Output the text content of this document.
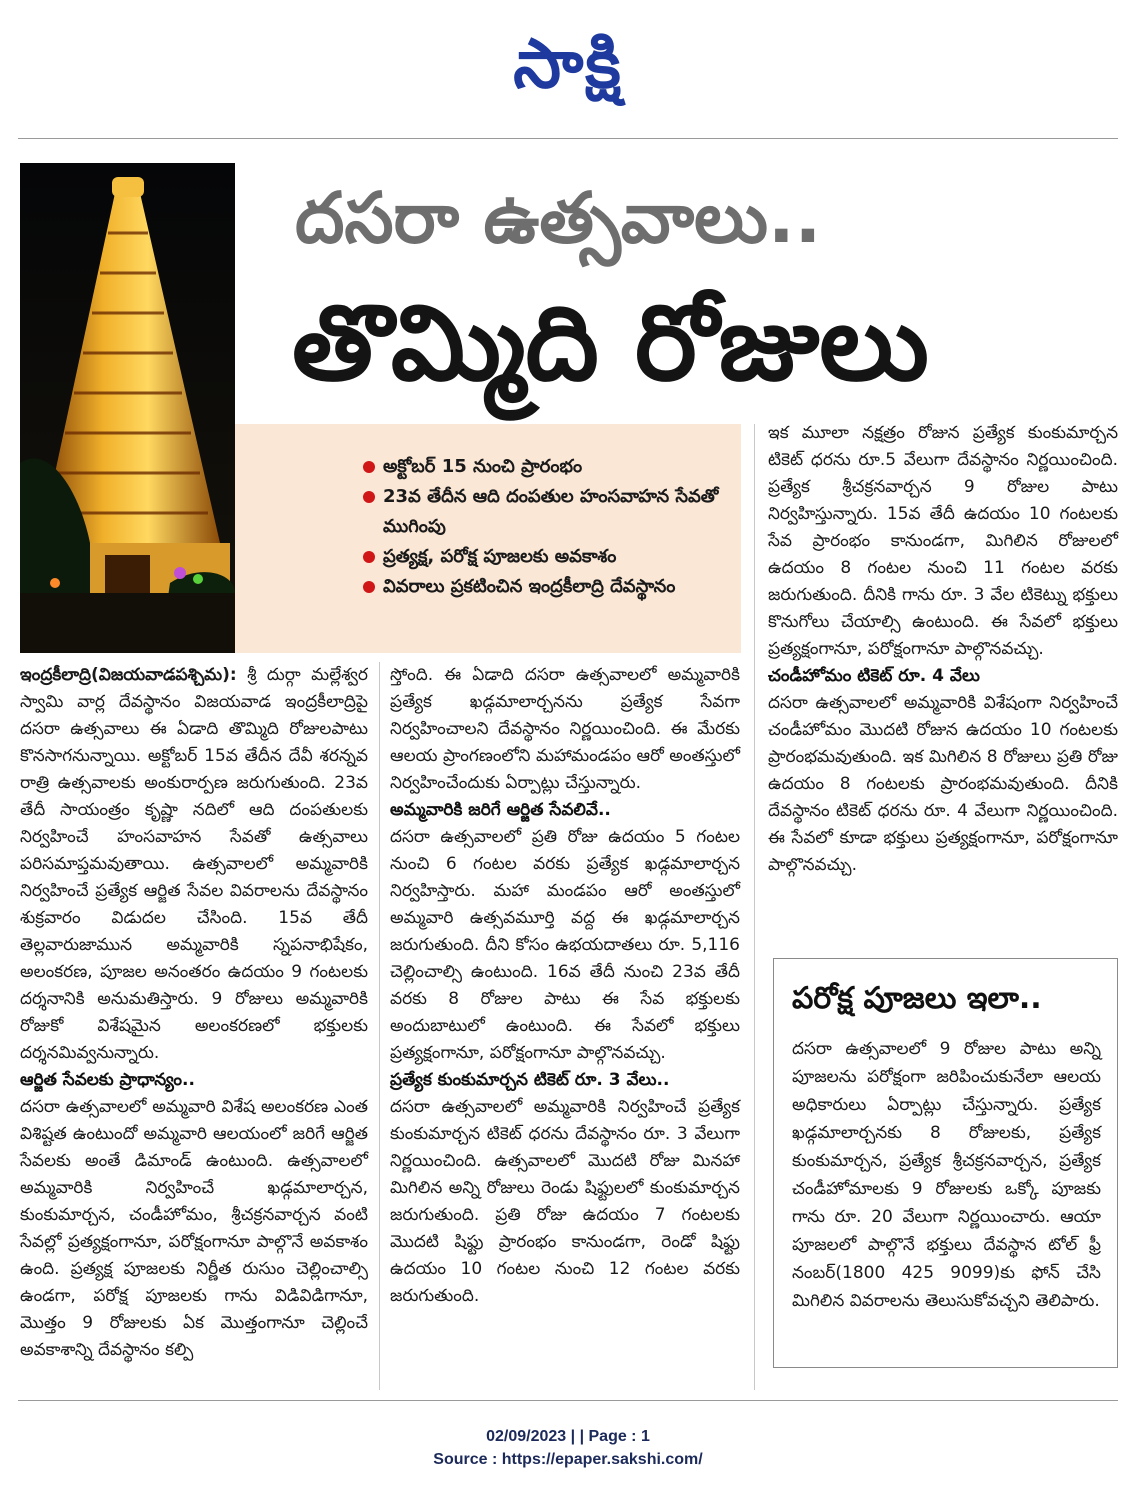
సాక్షి
దసరా ఉత్సవాలు..
తొమ్మిది రోజులు
అక్టోబర్ 15 నుంచి ప్రారంభం
23వ తేదీన ఆది దంపతుల హంసవాహన సేవతో ముగింపు
ప్రత్యక్ష, పరోక్ష పూజలకు అవకాశం
వివరాలు ప్రకటించిన ఇంద్రకీలాద్రి దేవస్థానం

ఇంద్రకీలాద్రి(విజయవాడపశ్చిమ): శ్రీ దుర్గా మల్లేశ్వర స్వామి వార్ల దేవస్థానం విజయవాడ ఇంద్రకీలాద్రిపై దసరా ఉత్సవాలు ఈ ఏడాది తొమ్మిది రోజులపాటు కొనసాగనున్నాయి. అక్టోబర్ 15వ తేదీన దేవీ శరన్నవ రాత్రి ఉత్సవాలకు అంకురార్పణ జరుగుతుంది. 23వ తేదీ సాయంత్రం కృష్ణా నదిలో ఆది దంపతులకు నిర్వహించే హంసవాహన సేవతో ఉత్సవాలు పరిసమాప్తమవుతాయి. ఉత్సవాలలో అమ్మవారికి నిర్వహించే ప్రత్యేక ఆర్జిత సేవల వివరాలను దేవస్థానం శుక్రవారం విడుదల చేసింది. 15వ తేదీ తెల్లవారుజామున అమ్మవారికి స్నపనాభిషేకం, అలంకరణ, పూజల అనంతరం ఉదయం 9 గంటలకు దర్శనానికి అనుమతిస్తారు. 9 రోజులు అమ్మవారికి రోజుకో విశేషమైన అలంకరణలో భక్తులకు దర్శనమివ్వనున్నారు.

ఆర్జిత సేవలకు ప్రాధాన్యం..

దసరా ఉత్సవాలలో అమ్మవారి విశేష అలంకరణ ఎంత విశిష్టత ఉంటుందో అమ్మవారి ఆలయంలో జరిగే ఆర్జిత సేవలకు అంతే డిమాండ్ ఉంటుంది. ఉత్సవాలలో అమ్మవారికి నిర్వహించే ఖడ్గమాలార్చన, కుంకుమార్చన, చండీహోమం, శ్రీచక్రనవార్చన వంటి సేవల్లో ప్రత్యక్షంగానూ, పరోక్షంగానూ పాల్గొనే అవకాశం ఉంది. ప్రత్యక్ష పూజలకు నిర్ణీత రుసుం చెల్లించాల్సి ఉండగా, పరోక్ష పూజలకు గాను విడివిడిగానూ, మొత్తం 9 రోజులకు ఏక మొత్తంగానూ చెల్లించే అవకాశాన్ని దేవస్థానం కల్పి

స్తోంది. ఈ ఏడాది దసరా ఉత్సవాలలో అమ్మవారికి ప్రత్యేక ఖడ్గమాలార్చనను ప్రత్యేక సేవగా నిర్వహించాలని దేవస్థానం నిర్ణయించింది. ఈ మేరకు ఆలయ ప్రాంగణంలోని మహామండపం ఆరో అంతస్తులో నిర్వహించేందుకు ఏర్పాట్లు చేస్తున్నారు.

అమ్మవారికి జరిగే ఆర్జిత సేవలివే..

దసరా ఉత్సవాలలో ప్రతి రోజు ఉదయం 5 గంటల నుంచి 6 గంటల వరకు ప్రత్యేక ఖడ్గమాలార్చన నిర్వహిస్తారు. మహా మండపం ఆరో అంతస్తులో అమ్మవారి ఉత్సవమూర్తి వద్ద ఈ ఖడ్గమాలార్చన జరుగుతుంది. దీని కోసం ఉభయదాతలు రూ. 5,116 చెల్లించాల్సి ఉంటుంది. 16వ తేదీ నుంచి 23వ తేదీ వరకు 8 రోజుల పాటు ఈ సేవ భక్తులకు అందుబాటులో ఉంటుంది. ఈ సేవలో భక్తులు ప్రత్యక్షంగానూ, పరోక్షంగానూ పాల్గొనవచ్చు.

ప్రత్యేక కుంకుమార్చన టికెట్ రూ. 3 వేలు..

దసరా ఉత్సవాలలో అమ్మవారికి నిర్వహించే ప్రత్యేక కుంకుమార్చన టికెట్ ధరను దేవస్థానం రూ. 3 వేలుగా నిర్ణయించింది. ఉత్సవాలలో మొదటి రోజు మినహా మిగిలిన అన్ని రోజులు రెండు షిఫ్టులలో కుంకుమార్చన జరుగుతుంది. ప్రతి రోజు ఉదయం 7 గంటలకు మొదటి షిఫ్టు ప్రారంభం కానుండగా, రెండో షిఫ్టు ఉదయం 10 గంటల నుంచి 12 గంటల వరకు జరుగుతుంది.

ఇక మూలా నక్షత్రం రోజున ప్రత్యేక కుంకుమార్చన టికెట్ ధరను రూ.5 వేలుగా దేవస్థానం నిర్ణయించింది. ప్రత్యేక శ్రీచక్రనవార్చన 9 రోజుల పాటు నిర్వహిస్తున్నారు. 15వ తేదీ ఉదయం 10 గంటలకు సేవ ప్రారంభం కానుండగా, మిగిలిన రోజులలో ఉదయం 8 గంటల నుంచి 11 గంటల వరకు జరుగుతుంది. దీనికి గాను రూ. 3 వేల టికెట్ను భక్తులు కొనుగోలు చేయాల్సి ఉంటుంది. ఈ సేవలో భక్తులు ప్రత్యక్షంగానూ, పరోక్షంగానూ పాల్గొనవచ్చు.

చండీహోమం టికెట్ రూ. 4 వేలు

దసరా ఉత్సవాలలో అమ్మవారికి విశేషంగా నిర్వహించే చండీహోమం మొదటి రోజున ఉదయం 10 గంటలకు ప్రారంభమవుతుంది. ఇక మిగిలిన 8 రోజులు ప్రతి రోజు ఉదయం 8 గంటలకు ప్రారంభమవుతుంది. దీనికి దేవస్థానం టికెట్ ధరను రూ. 4 వేలుగా నిర్ణయించింది. ఈ సేవలో కూడా భక్తులు ప్రత్యక్షంగానూ, పరోక్షంగానూ పాల్గొనవచ్చు.

పరోక్ష పూజలు ఇలా..
దసరా ఉత్సవాలలో 9 రోజుల పాటు అన్ని పూజలను పరోక్షంగా జరిపించుకునేలా ఆలయ అధికారులు ఏర్పాట్లు చేస్తున్నారు. ప్రత్యేక ఖడ్గమాలార్చనకు 8 రోజులకు, ప్రత్యేక కుంకుమార్చన, ప్రత్యేక శ్రీచక్రనవార్చన, ప్రత్యేక చండీహోమాలకు 9 రోజులకు ఒక్కో పూజకు గాను రూ. 20 వేలుగా నిర్ణయించారు. ఆయా పూజలలో పాల్గొనే భక్తులు దేవస్థాన టోల్ ఫ్రీ నంబర్(1800 425 9099)కు ఫోన్ చేసి మిగిలిన వివరాలను తెలుసుకోవచ్చని తెలిపారు.
02/09/2023 | | Page : 1
Source : https://epaper.sakshi.com/
